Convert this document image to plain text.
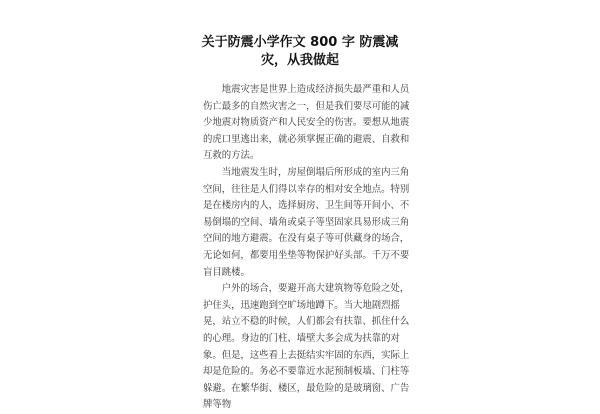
关于防震小学作文 800 字 防震减灾，从我做起

地震灾害是世界上造成经济损失最严重和人员伤亡最多的自然灾害之一，但是我们要尽可能的减少地震对物质资产和人民安全的伤害。要想从地震的虎口里逃出来，就必须掌握正确的避震、自救和互救的方法。

当地震发生时，房屋倒塌后所形成的室内三角空间，往往是人们得以幸存的相对安全地点。特别是在楼房内的人，选择厨房、卫生间等开间小、不易倒塌的空间、墙角或桌子等坚固家具易形成三角空间的地方避震。在没有桌子等可供藏身的场合，无论如何，都要用坐垫等物保护好头部。千万不要盲目跳楼。

户外的场合，要避开高大建筑物等危险之处，护住头，迅速跑到空旷场地蹲下。当大地剧烈摇晃，站立不稳的时候，人们都会有扶靠、抓住什么的心理。身边的门柱、墙壁大多会成为扶靠的对象。但是，这些看上去挺结实牢固的东西，实际上却是危险的。务必不要靠近水泥预制板墙、门柱等躲避。在繁华街、楼区，最危险的是玻璃窗、广告牌等物
